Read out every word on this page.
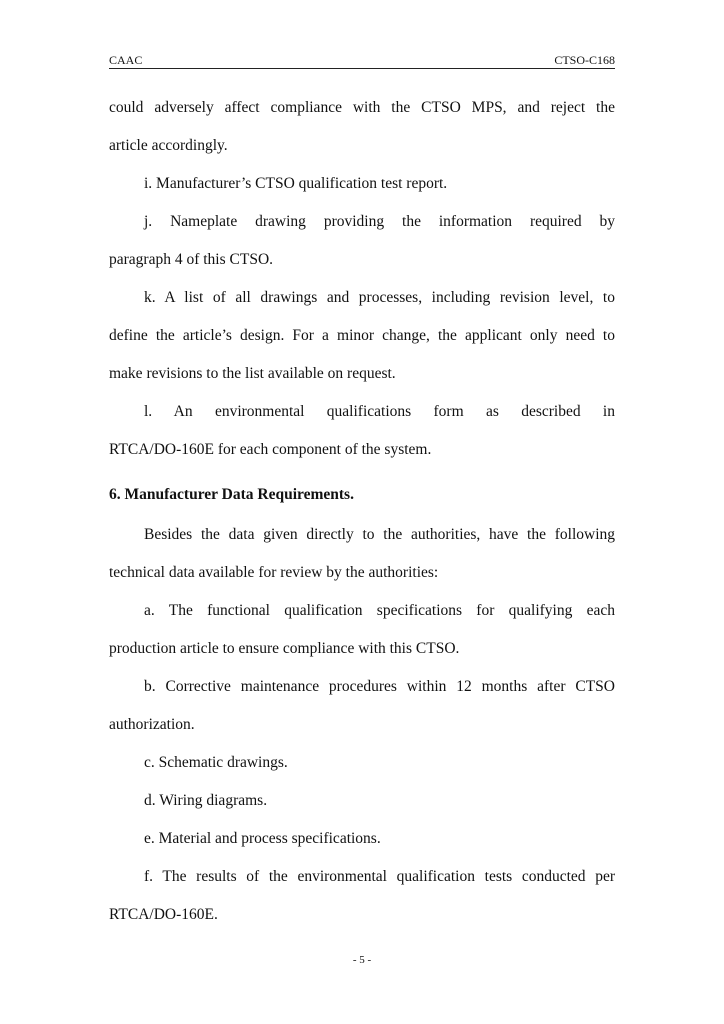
CAAC	CTSO-C168
could adversely affect compliance with the CTSO MPS, and reject the
article accordingly.
i. Manufacturer’s CTSO qualification test report.
j. Nameplate drawing providing the information required by
paragraph 4 of this CTSO.
k. A list of all drawings and processes, including revision level, to
define the article’s design. For a minor change, the applicant only need to
make revisions to the list available on request.
l. An environmental qualifications form as described in
RTCA/DO-160E for each component of the system.
6. Manufacturer Data Requirements.
Besides the data given directly to the authorities, have the following
technical data available for review by the authorities:
a. The functional qualification specifications for qualifying each
production article to ensure compliance with this CTSO.
b. Corrective maintenance procedures within 12 months after CTSO
authorization.
c. Schematic drawings.
d. Wiring diagrams.
e. Material and process specifications.
f. The results of the environmental qualification tests conducted per
RTCA/DO-160E.
- 5 -
